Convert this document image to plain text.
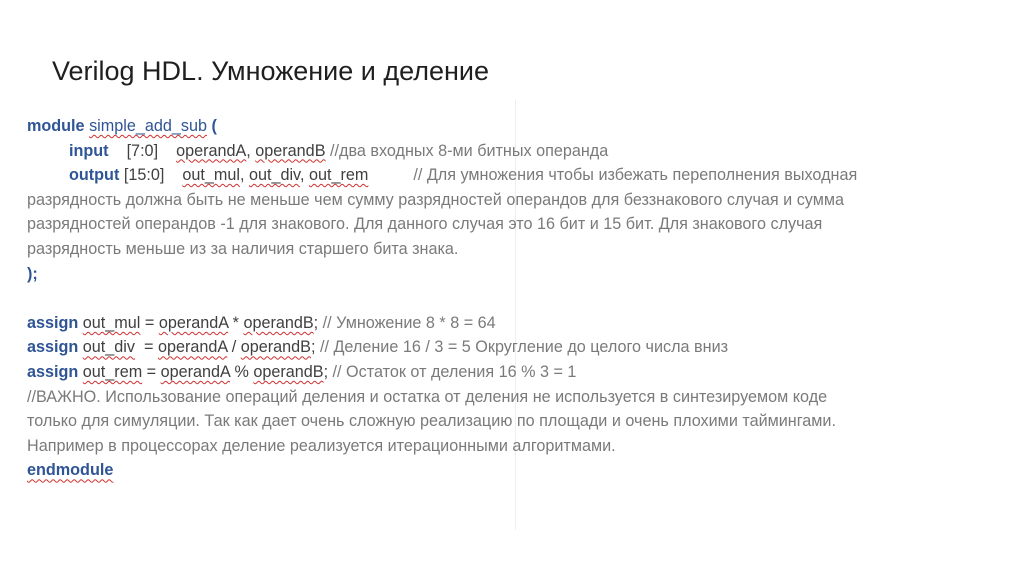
Verilog HDL. Умножение и деление
module simple_add_sub (
input [7:0] operandA, operandB //два входных 8-ми битных операнда
output [15:0] out_mul, out_div, out_rem	// Для умножения чтобы избежать переполнения выходная
разрядность должна быть не меньше чем сумму разрядностей операндов для беззнакового случая и сумма
разрядностей операндов -1 для знакового. Для данного случая это 16 бит и 15 бит. Для знакового случая
разрядность меньше из за наличия старшего бита знака.
);
assign out_mul = operandA * operandB; // Умножение 8 * 8 = 64
assign out_div  = operandA / operandB; // Деление 16 / 3 = 5 Округление до целого числа вниз
assign out_rem = operandA % operandB; // Остаток от деления 16 % 3 = 1
//ВАЖНО. Использование операций деления и остатка от деления не используется в синтезируемом коде
только для симуляции. Так как дает очень сложную реализацию по площади и очень плохими таймингами.
Например в процессорах деление реализуется итерационными алгоритмами.
endmodule
